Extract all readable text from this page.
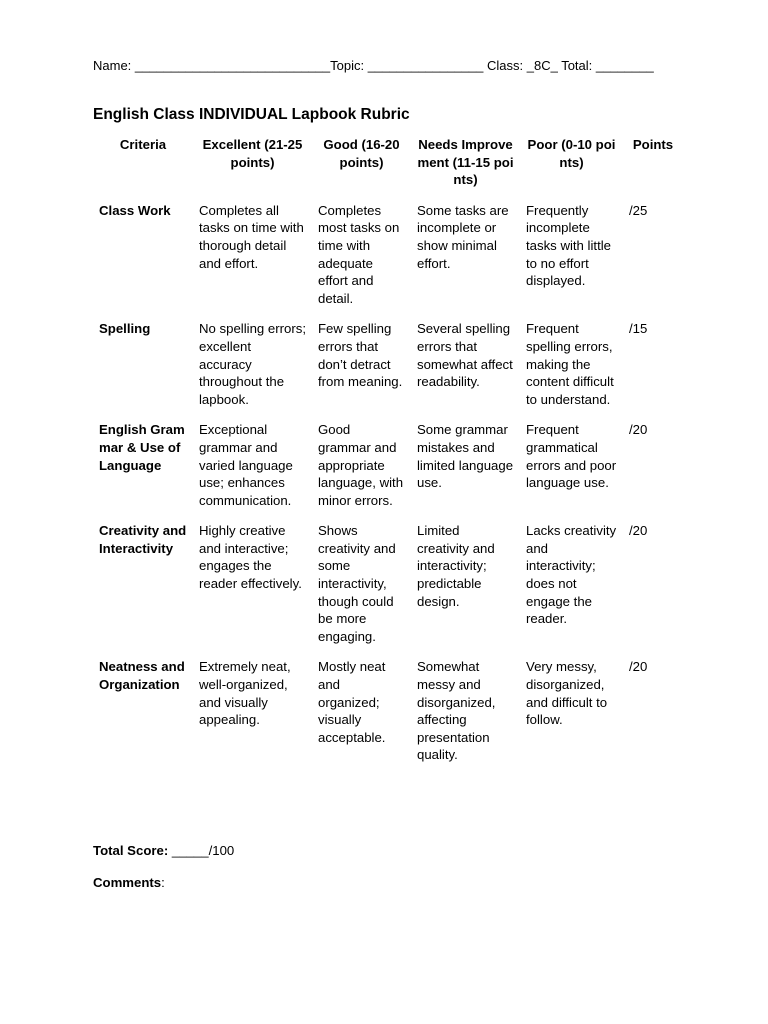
Name: ___________________________Topic: ________________ Class: _8C_ Total: ________
English Class INDIVIDUAL Lapbook Rubric
Criteria	Excellent (21-25 points)	Good (16-20 points)	Needs Improvement (11-15 points)	Poor (0-10 points)	Points
Class Work	Completes all tasks on time with thorough detail and effort.	Completes most tasks on time with adequate effort and detail.	Some tasks are incomplete or show minimal effort.	Frequently incomplete tasks with little to no effort displayed.	/25
Spelling	No spelling errors; excellent accuracy throughout the lapbook.	Few spelling errors that don’t detract from meaning.	Several spelling errors that somewhat affect readability.	Frequent spelling errors, making the content difficult to understand.	/15
English Grammar & Use of Language	Exceptional grammar and varied language use; enhances communication.	Good grammar and appropriate language, with minor errors.	Some grammar mistakes and limited language use.	Frequent grammatical errors and poor language use.	/20
Creativity and Interactivity	Highly creative and interactive; engages the reader effectively.	Shows creativity and some interactivity, though could be more engaging.	Limited creativity and interactivity; predictable design.	Lacks creativity and interactivity; does not engage the reader.	/20
Neatness and Organization	Extremely neat, well-organized, and visually appealing.	Mostly neat and organized; visually acceptable.	Somewhat messy and disorganized, affecting presentation quality.	Very messy, disorganized, and difficult to follow.	/20
Total Score: _____/100
Comments:
